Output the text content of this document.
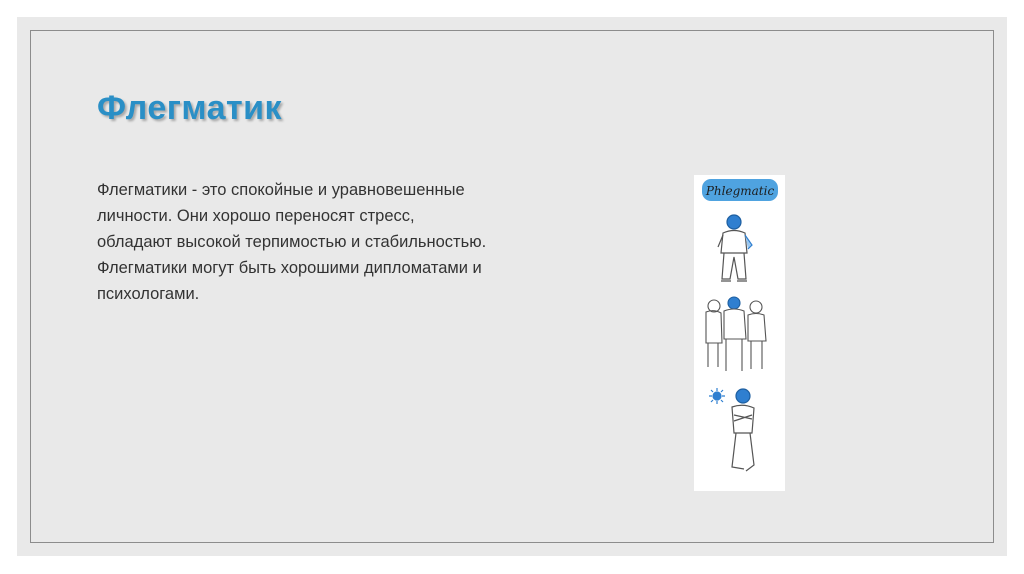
Флегматик

Флегматики - это спокойные и уравновешенные личности. Они хорошо переносят стресс, обладают высокой терпимостью и стабильностью. Флегматики могут быть хорошими дипломатами и психологами.

Phlegmatic
